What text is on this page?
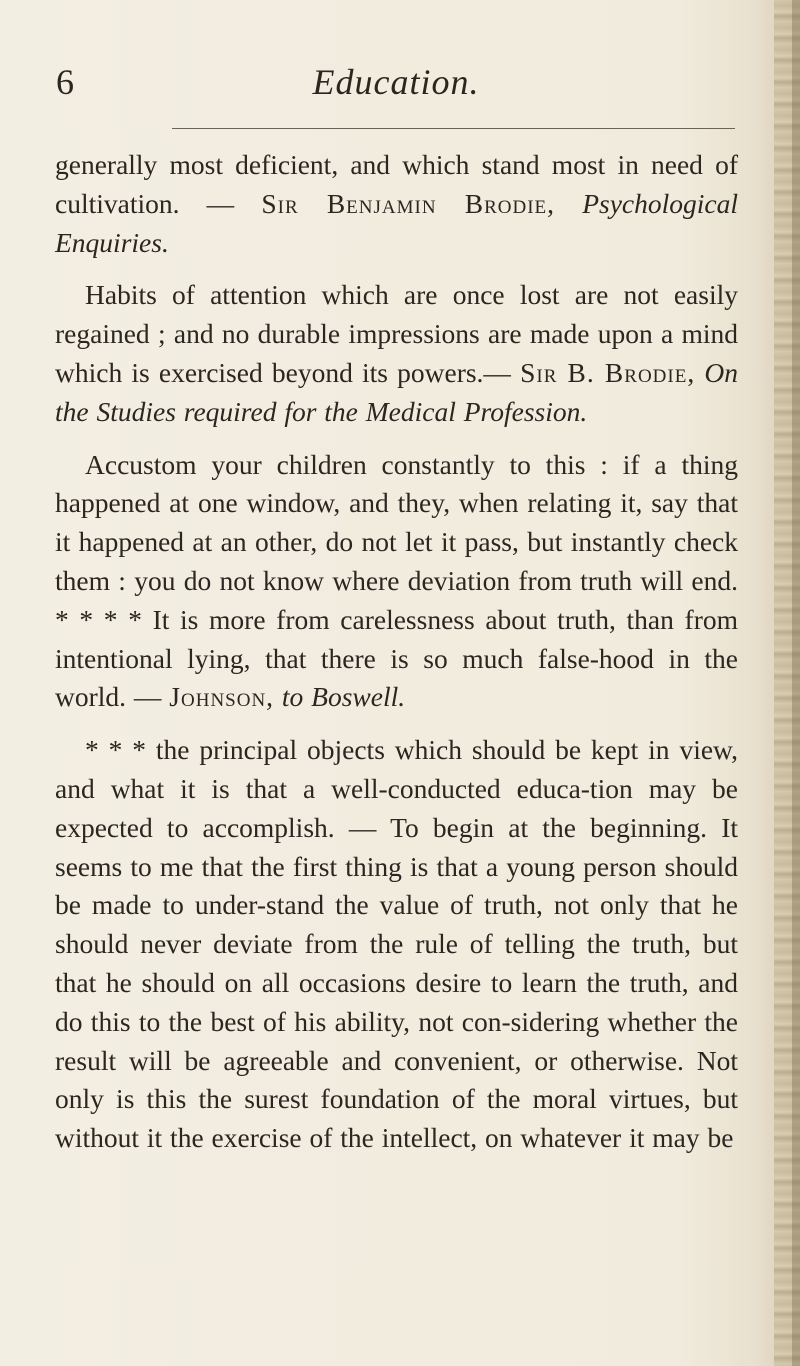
6	Education.

generally most deficient, and which stand most in need of cultivation. — Sir Benjamin Brodie, Psychological Enquiries.

Habits of attention which are once lost are not easily regained ; and no durable impressions are made upon a mind which is exercised beyond its powers.— Sir B. Brodie, On the Studies required for the Medical Profession.

Accustom your children constantly to this : if a thing happened at one window, and they, when relating it, say that it happened at an other, do not let it pass, but instantly check them : you do not know where deviation from truth will end. * * * * It is more from carelessness about truth, than from intentional lying, that there is so much false-hood in the world. — Johnson, to Boswell.

* * * the principal objects which should be kept in view, and what it is that a well-conducted educa-tion may be expected to accomplish. — To begin at the beginning. It seems to me that the first thing is that a young person should be made to under-stand the value of truth, not only that he should never deviate from the rule of telling the truth, but that he should on all occasions desire to learn the truth, and do this to the best of his ability, not con-sidering whether the result will be agreeable and convenient, or otherwise. Not only is this the surest foundation of the moral virtues, but without it the exercise of the intellect, on whatever it may be
